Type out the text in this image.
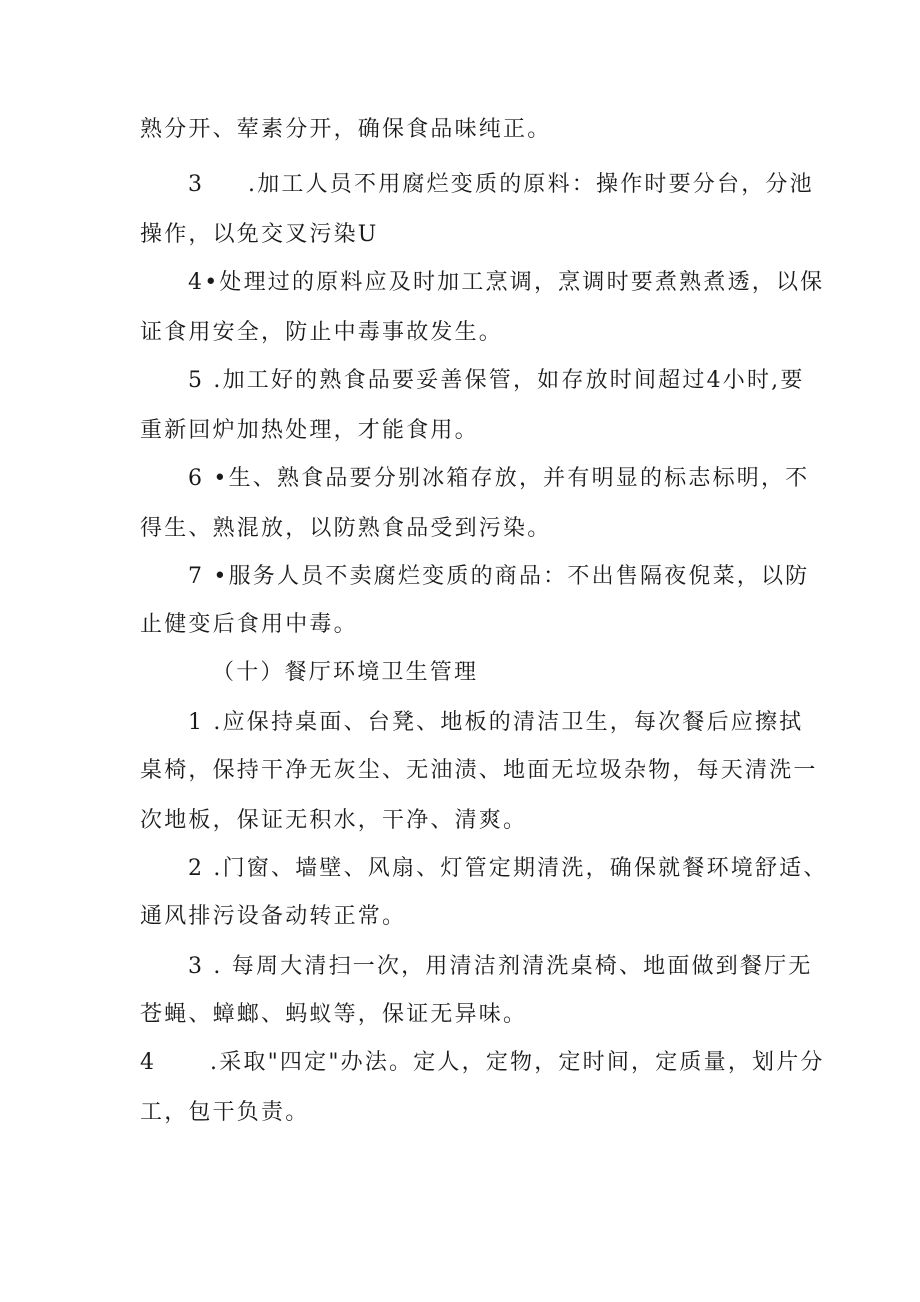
熟分开、荤素分开，确保食品味纯正。
3 .加工人员不用腐烂变质的原料：操作时要分台，分池
操作，以免交叉污染U
4•处理过的原料应及时加工烹调，烹调时要煮熟煮透，以保
证食用安全，防止中毒事故发生。
5 .加工好的熟食品要妥善保管，如存放时间超过4小时,要
重新回炉加热处理，才能食用。
6 •生、熟食品要分别冰箱存放，并有明显的标志标明，不
得生、熟混放，以防熟食品受到污染。
7 •服务人员不卖腐烂变质的商品：不出售隔夜倪菜，以防
止健变后食用中毒。
（十）餐厅环境卫生管理
1 .应保持桌面、台凳、地板的清洁卫生，每次餐后应擦拭
桌椅，保持干净无灰尘、无油渍、地面无垃圾杂物，每天清洗一
次地板，保证无积水，干净、清爽。
2 .门窗、墙壁、风扇、灯管定期清洗，确保就餐环境舒适、
通风排污设备动转正常。
3 . 每周大清扫一次，用清洁剂清洗桌椅、地面做到餐厅无
苍蝇、蟑螂、蚂蚁等，保证无异味。
4 .采取"四定"办法。定人，定物，定时间，定质量，划片分
工，包干负责。
